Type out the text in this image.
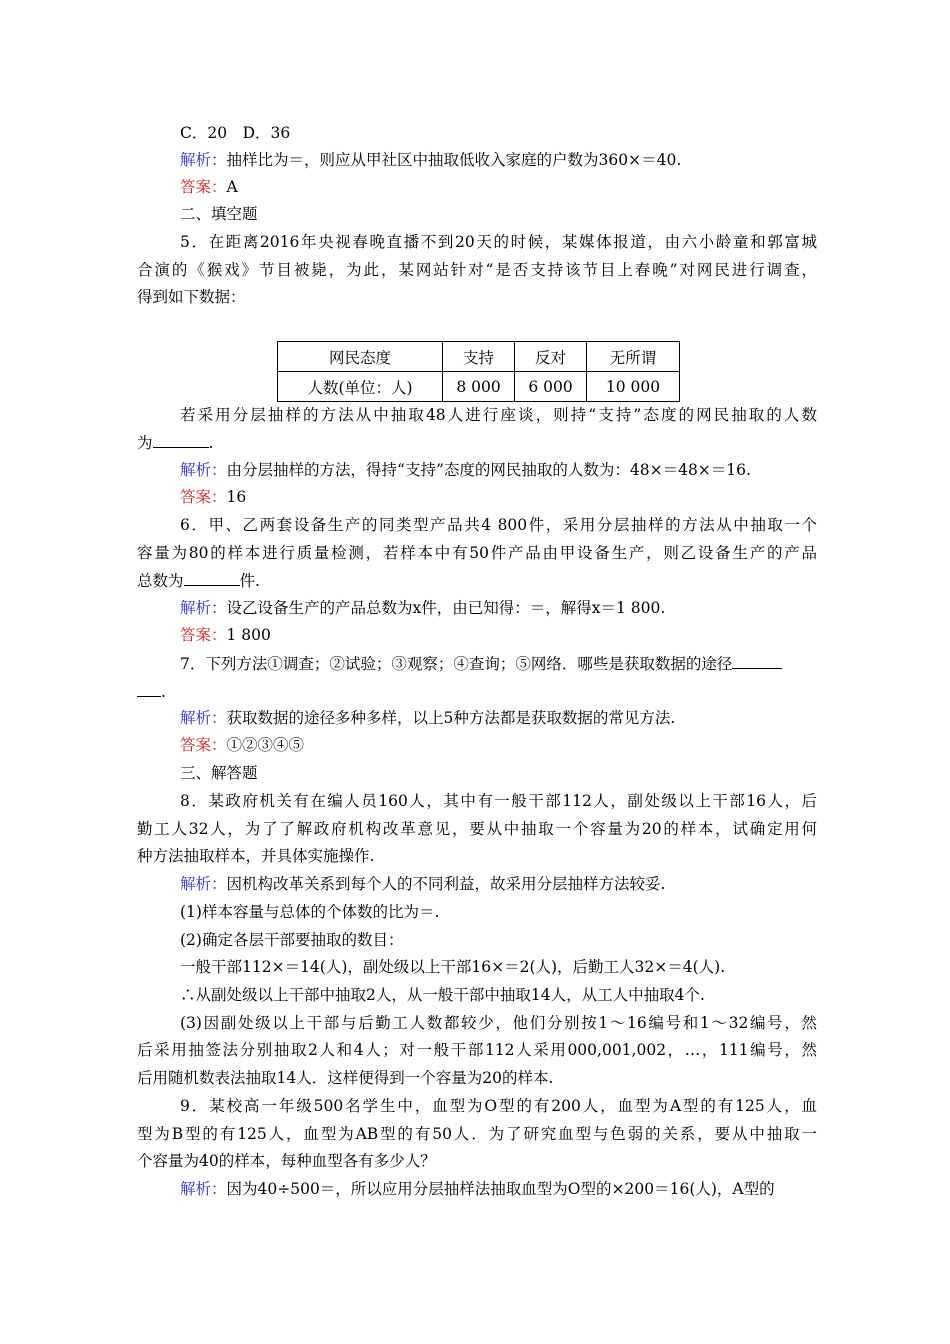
C．20　D．36
解析：抽样比为＝，则应从甲社区中抽取低收入家庭的户数为360×＝40.
答案：A
二、填空题
5．在距离2016年央视春晚直播不到20天的时候，某媒体报道，由六小龄童和郭富城
合演的《猴戏》节目被毙，为此，某网站针对“是否支持该节目上春晚”对网民进行调查，
得到如下数据：
网民态度	支持	反对	无所谓
人数(单位：人)	8 000	6 000	10 000
若采用分层抽样的方法从中抽取48人进行座谈，则持“支持”态度的网民抽取的人数
为	.
解析：由分层抽样的方法，得持“支持”态度的网民抽取的人数为：48×＝48×＝16.
答案：16
6．甲、乙两套设备生产的同类型产品共4 800件，采用分层抽样的方法从中抽取一个
容量为80的样本进行质量检测，若样本中有50件产品由甲设备生产，则乙设备生产的产品
总数为	件.
解析：设乙设备生产的产品总数为x件，由已知得：＝，解得x＝1 800.
答案：1 800
7．下列方法①调查；②试验；③观察；④查询；⑤网络．哪些是获取数据的途径
.
解析：获取数据的途径多种多样，以上5种方法都是获取数据的常见方法.
答案：①②③④⑤
三、解答题
8．某政府机关有在编人员160人，其中有一般干部112人，副处级以上干部16人，后
勤工人32人，为了了解政府机构改革意见，要从中抽取一个容量为20的样本，试确定用何
种方法抽取样本，并具体实施操作.
解析：因机构改革关系到每个人的不同利益，故采用分层抽样方法较妥.
(1)样本容量与总体的个体数的比为＝.
(2)确定各层干部要抽取的数目：
一般干部112×＝14(人)，副处级以上干部16×＝2(人)，后勤工人32×＝4(人).
∴从副处级以上干部中抽取2人，从一般干部中抽取14人，从工人中抽取4个.
(3)因副处级以上干部与后勤工人数都较少，他们分别按1～16编号和1～32编号，然
后采用抽签法分别抽取2人和4人；对一般干部112人采用000,001,002，…，111编号，然
后用随机数表法抽取14人．这样便得到一个容量为20的样本.
9．某校高一年级500名学生中，血型为O型的有200人，血型为A型的有125人，血
型为B型的有125人，血型为AB型的有50人．为了研究血型与色弱的关系，要从中抽取一
个容量为40的样本，每种血型各有多少人？
解析：因为40÷500＝，所以应用分层抽样法抽取血型为O型的×200＝16(人)，A型的
